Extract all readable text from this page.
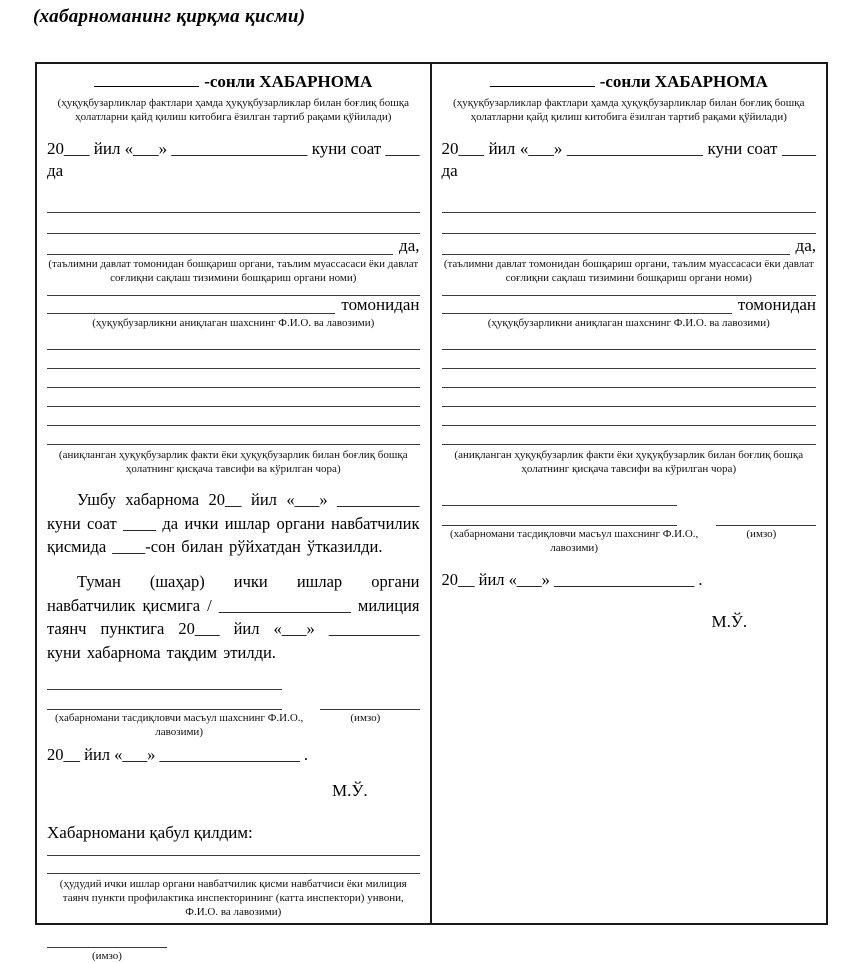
(хабарноманинг қирқма қисми)
-сонли ХАБАРНОМА
(ҳуқуқбузарликлар фактлари ҳамда ҳуқуқбузарликлар билан боғлиқ бошқа ҳолатларни қайд қилиш китобига ёзилган тартиб рақами қўйилади)
20___ йил «___» ________________ куни соат ____ да
да,
(таълимни давлат томонидан бошқариш органи, таълим муассасаси ёки давлат соғлиқни сақлаш тизимини бошқариш органи номи)
томонидан
(ҳуқуқбузарликни аниқлаган шахснинг Ф.И.О. ва лавозими)
(аниқланган ҳуқуқбузарлик факти ёки ҳуқуқбузарлик билан боғлиқ бошқа ҳолатнинг қисқача тавсифи ва кўрилган чора)
Ушбу хабарнома 20__ йил «___» __________ куни соат ____ да ички ишлар органи навбатчилик қисмида ____-сон билан рўйхатдан ўтказилди.
Туман (шаҳар) ички ишлар органи навбатчилик қисмига / ________________ милиция таянч пунктига 20___ йил «___» ___________ куни хабарнома тақдим этилди.
(хабарномани тасдиқловчи масъул шахснинг Ф.И.О., лавозими)
(имзо)
20__ йил «___» _________________ .
М.Ў.
Хабарномани қабул қилдим:
(ҳудудий ички ишлар органи навбатчилик қисми навбатчиси ёки милиция таянч пункти профилактика инспекторининг (катта инспектори) унвони, Ф.И.О. ва лавозими)
(имзо)
-сонли ХАБАРНОМА
(ҳуқуқбузарликлар фактлари ҳамда ҳуқуқбузарликлар билан боғлиқ бошқа ҳолатларни қайд қилиш китобига ёзилган тартиб рақами қўйилади)
20___ йил «___» ________________ куни соат ____ да
да,
(таълимни давлат томонидан бошқариш органи, таълим муассасаси ёки давлат соғлиқни сақлаш тизимини бошқариш органи номи)
томонидан
(ҳуқуқбузарликни аниқлаган шахснинг Ф.И.О. ва лавозими)
(аниқланган ҳуқуқбузарлик факти ёки ҳуқуқбузарлик билан боғлиқ бошқа ҳолатнинг қисқача тавсифи ва кўрилган чора)
(хабарномани тасдиқловчи масъул шахснинг Ф.И.О., лавозими)
(имзо)
20__ йил «___» _________________ .
М.Ў.
